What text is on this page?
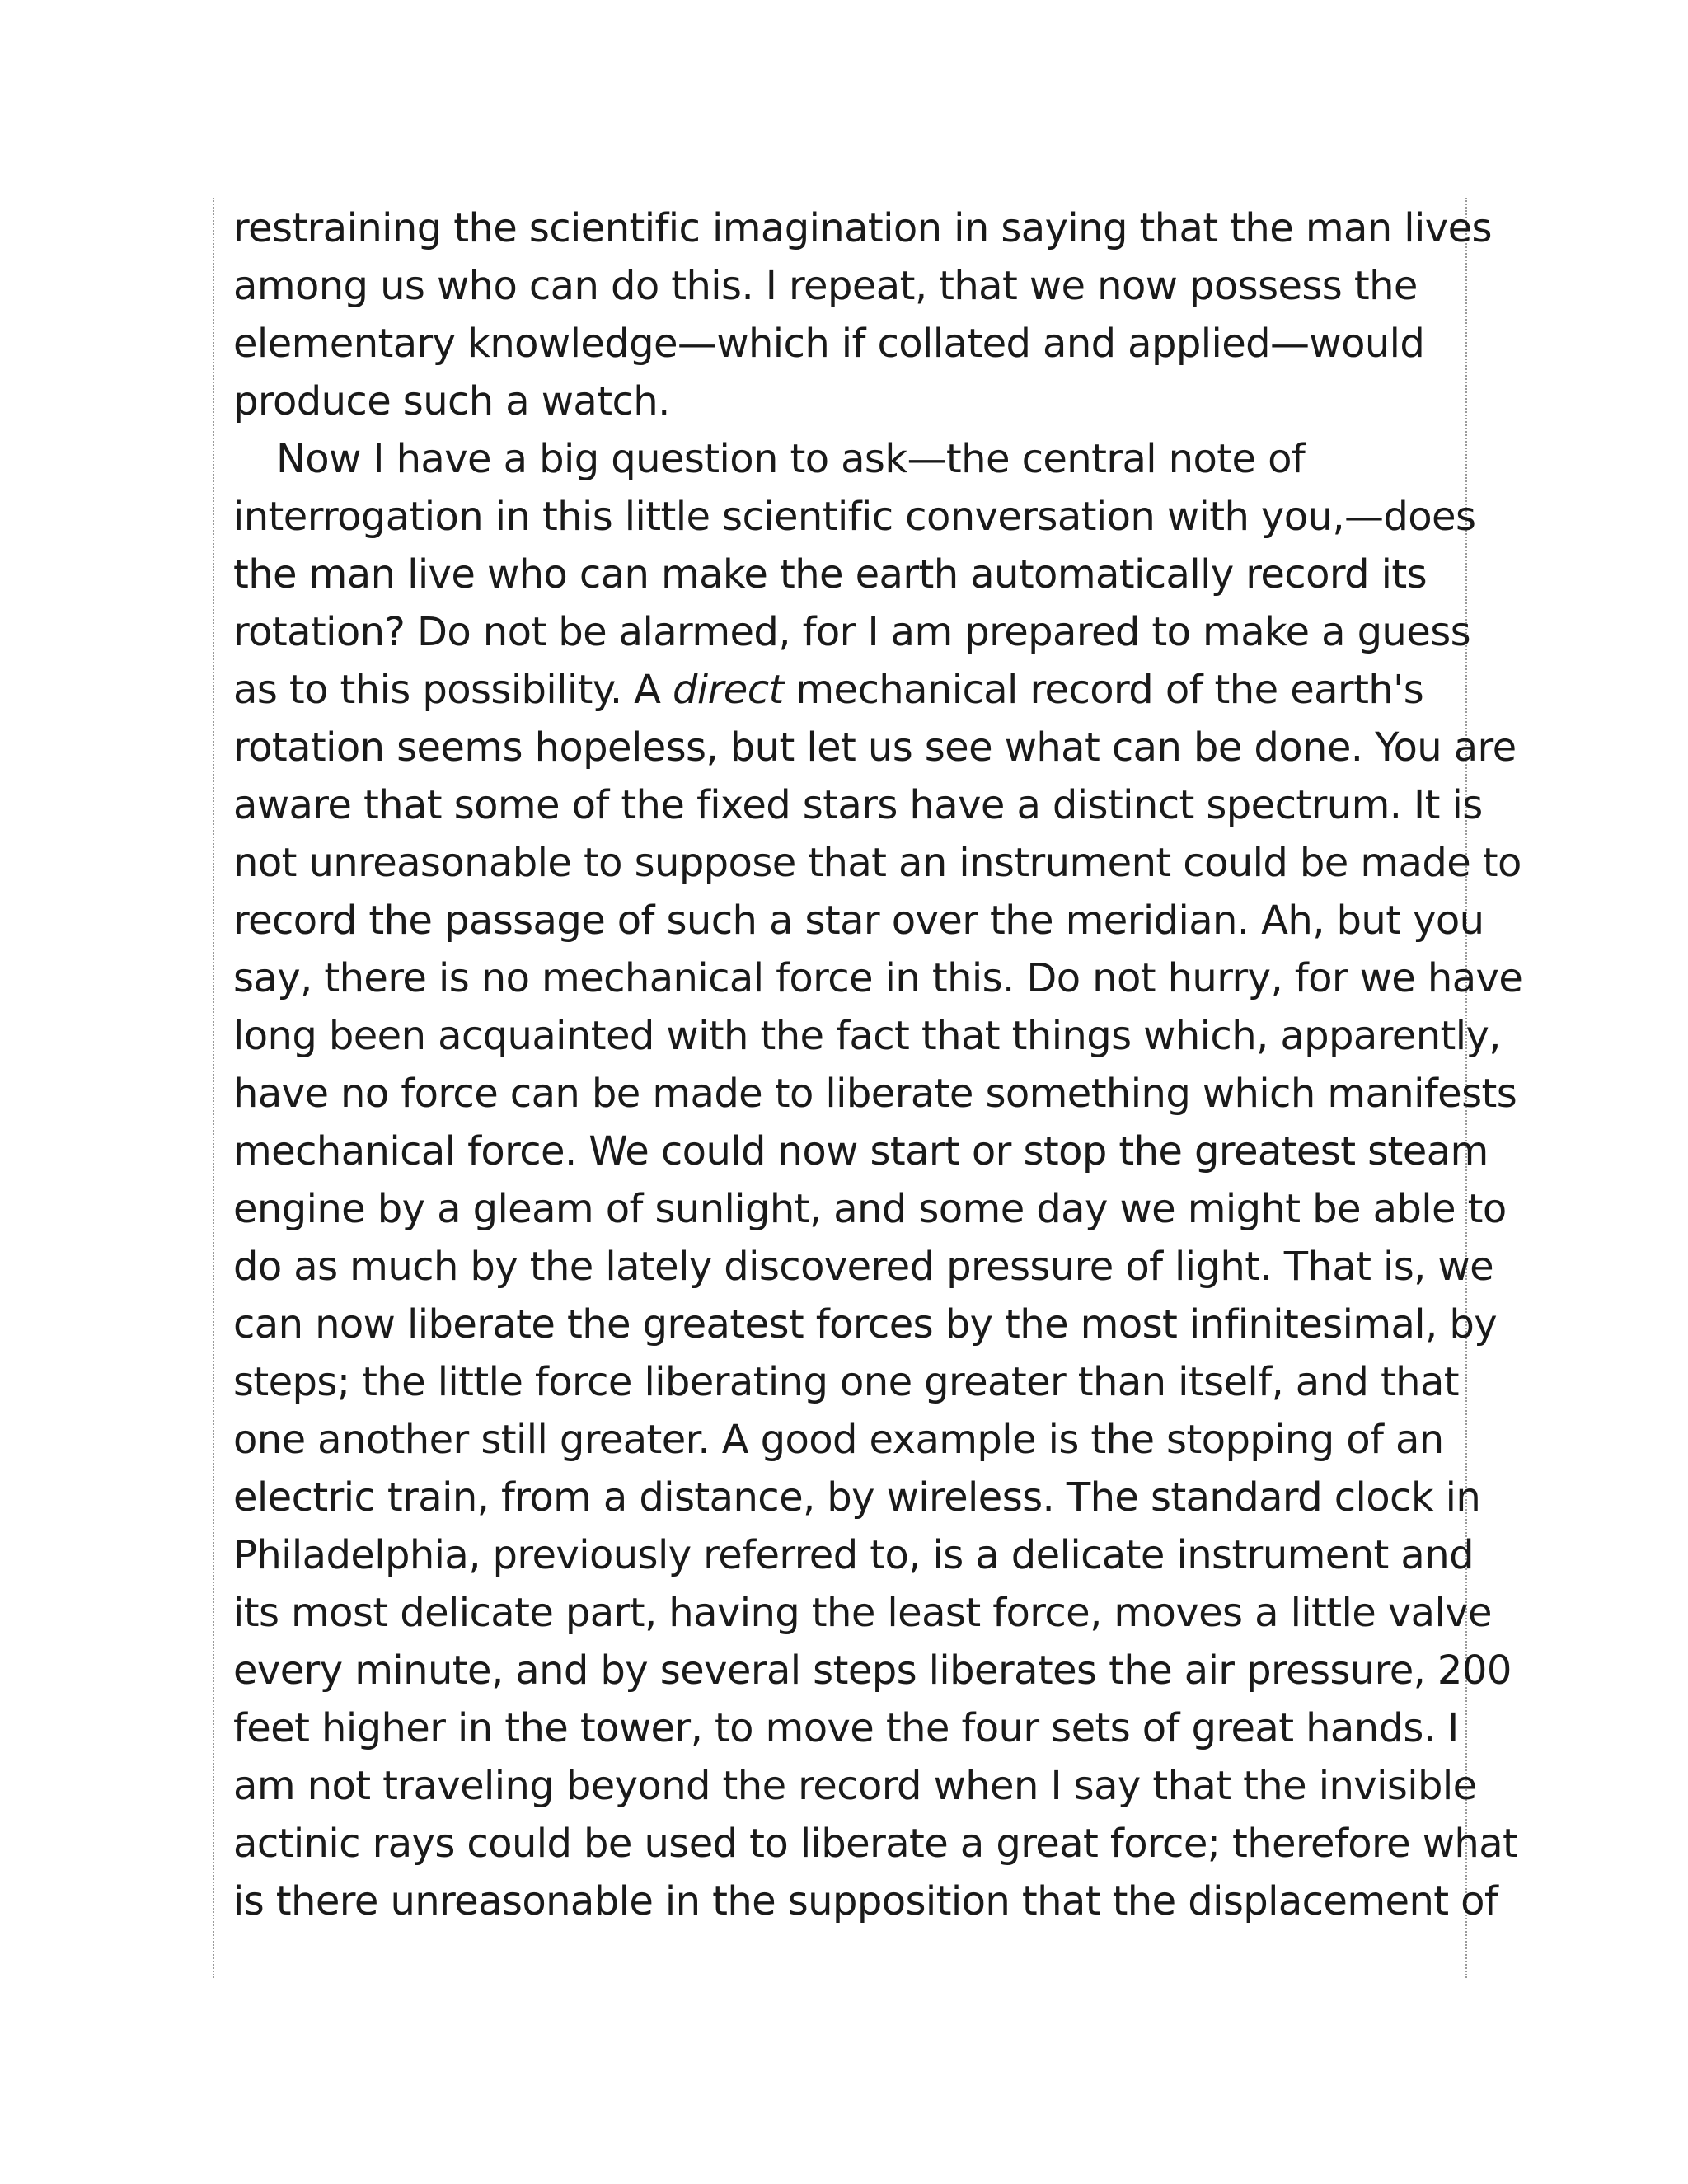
restraining the scientific imagination in saying that the man lives
among us who can do this. I repeat, that we now possess the
elementary knowledge—which if collated and applied—would
produce such a watch.
Now I have a big question to ask—the central note of
interrogation in this little scientific conversation with you,—does
the man live who can make the earth automatically record its
rotation? Do not be alarmed, for I am prepared to make a guess
as to this possibility. A direct mechanical record of the earth's
rotation seems hopeless, but let us see what can be done. You are
aware that some of the fixed stars have a distinct spectrum. It is
not unreasonable to suppose that an instrument could be made to
record the passage of such a star over the meridian. Ah, but you
say, there is no mechanical force in this. Do not hurry, for we have
long been acquainted with the fact that things which, apparently,
have no force can be made to liberate something which manifests
mechanical force. We could now start or stop the greatest steam
engine by a gleam of sunlight, and some day we might be able to
do as much by the lately discovered pressure of light. That is, we
can now liberate the greatest forces by the most infinitesimal, by
steps; the little force liberating one greater than itself, and that
one another still greater. A good example is the stopping of an
electric train, from a distance, by wireless. The standard clock in
Philadelphia, previously referred to, is a delicate instrument and
its most delicate part, having the least force, moves a little valve
every minute, and by several steps liberates the air pressure, 200
feet higher in the tower, to move the four sets of great hands. I
am not traveling beyond the record when I say that the invisible
actinic rays could be used to liberate a great force; therefore what
is there unreasonable in the supposition that the displacement of
